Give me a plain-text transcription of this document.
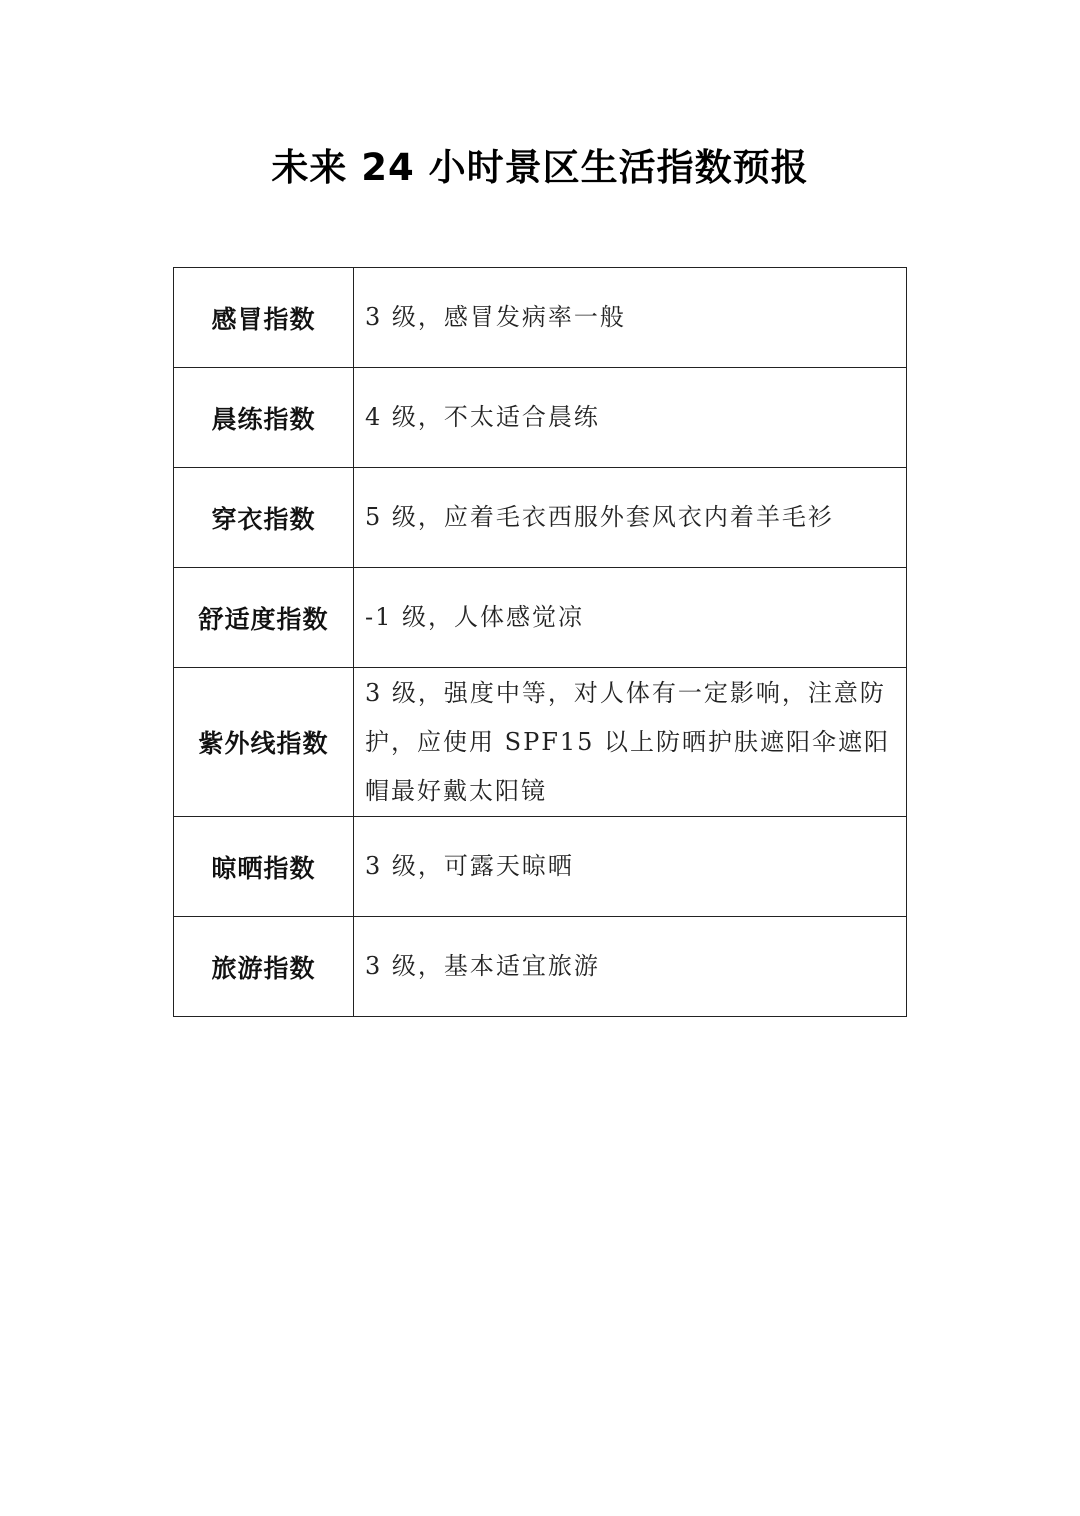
未来 24 小时景区生活指数预报
感冒指数	3 级，感冒发病率一般
晨练指数	4 级，不太适合晨练
穿衣指数	5 级，应着毛衣西服外套风衣内着羊毛衫
舒适度指数	-1 级，人体感觉凉
紫外线指数	3 级，强度中等，对人体有一定影响，注意防护，应使用 SPF15 以上防晒护肤遮阳伞遮阳帽最好戴太阳镜
晾晒指数	3 级，可露天晾晒
旅游指数	3 级，基本适宜旅游
